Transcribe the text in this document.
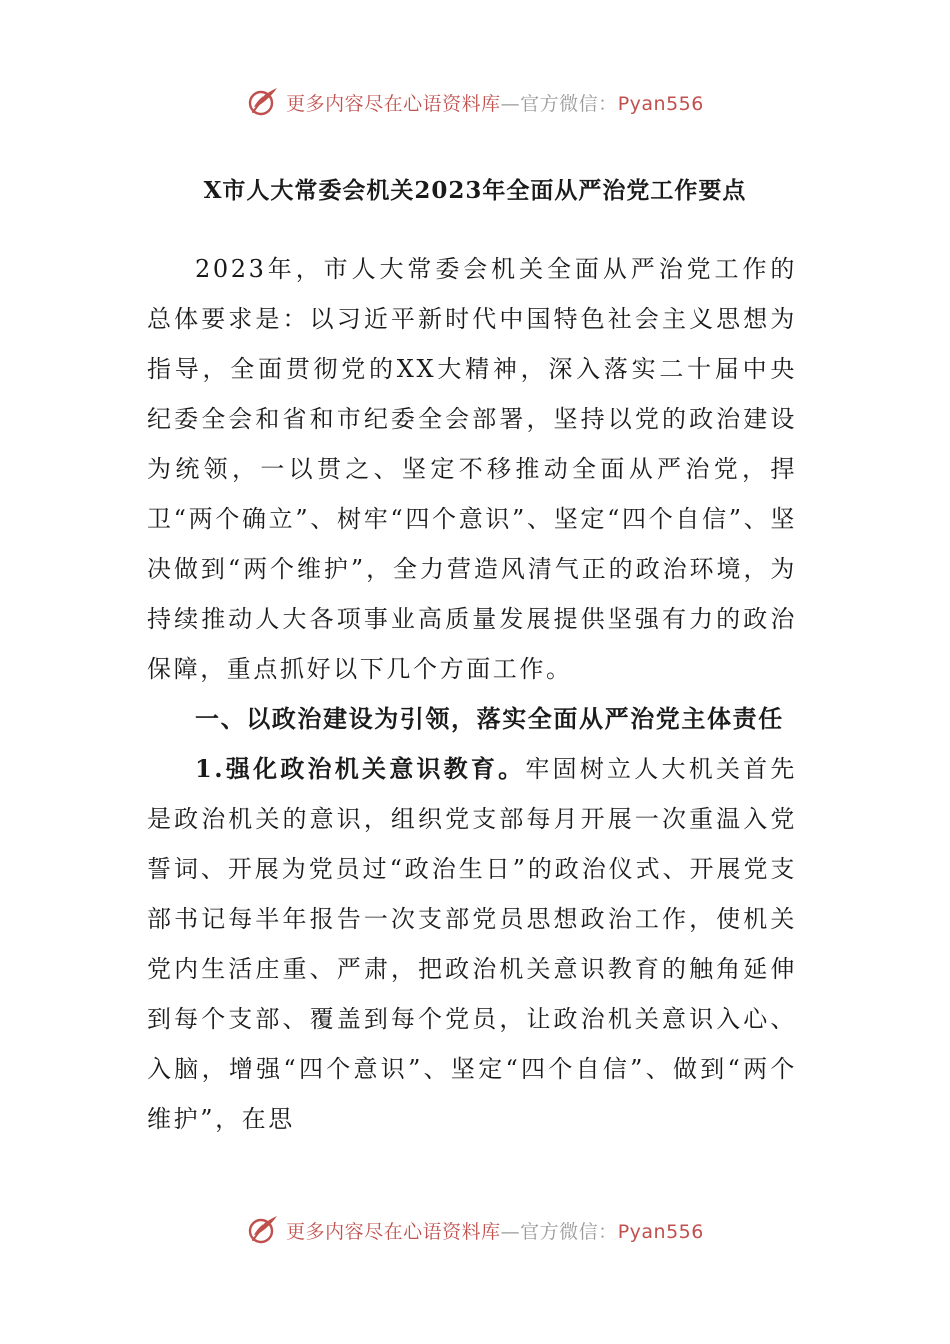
更多内容尽在心语资料库—官方微信：Pyan556
X市人大常委会机关2023年全面从严治党工作要点

2023年，市人大常委会机关全面从严治党工作的总体要求是：以习近平新时代中国特色社会主义思想为指导，全面贯彻党的XX大精神，深入落实二十届中央纪委全会和省和市纪委全会部署，坚持以党的政治建设为统领，一以贯之、坚定不移推动全面从严治党，捍卫“两个确立”、树牢“四个意识”、坚定“四个自信”、坚决做到“两个维护”，全力营造风清气正的政治环境，为持续推动人大各项事业高质量发展提供坚强有力的政治保障，重点抓好以下几个方面工作。

一、以政治建设为引领，落实全面从严治党主体责任

1.强化政治机关意识教育。牢固树立人大机关首先是政治机关的意识，组织党支部每月开展一次重温入党誓词、开展为党员过“政治生日”的政治仪式、开展党支部书记每半年报告一次支部党员思想政治工作，使机关党内生活庄重、严肃，把政治机关意识教育的触角延伸到每个支部、覆盖到每个党员，让政治机关意识入心、入脑，增强“四个意识”、坚定“四个自信”、做到“两个维护”，在思

更多内容尽在心语资料库—官方微信：Pyan556
